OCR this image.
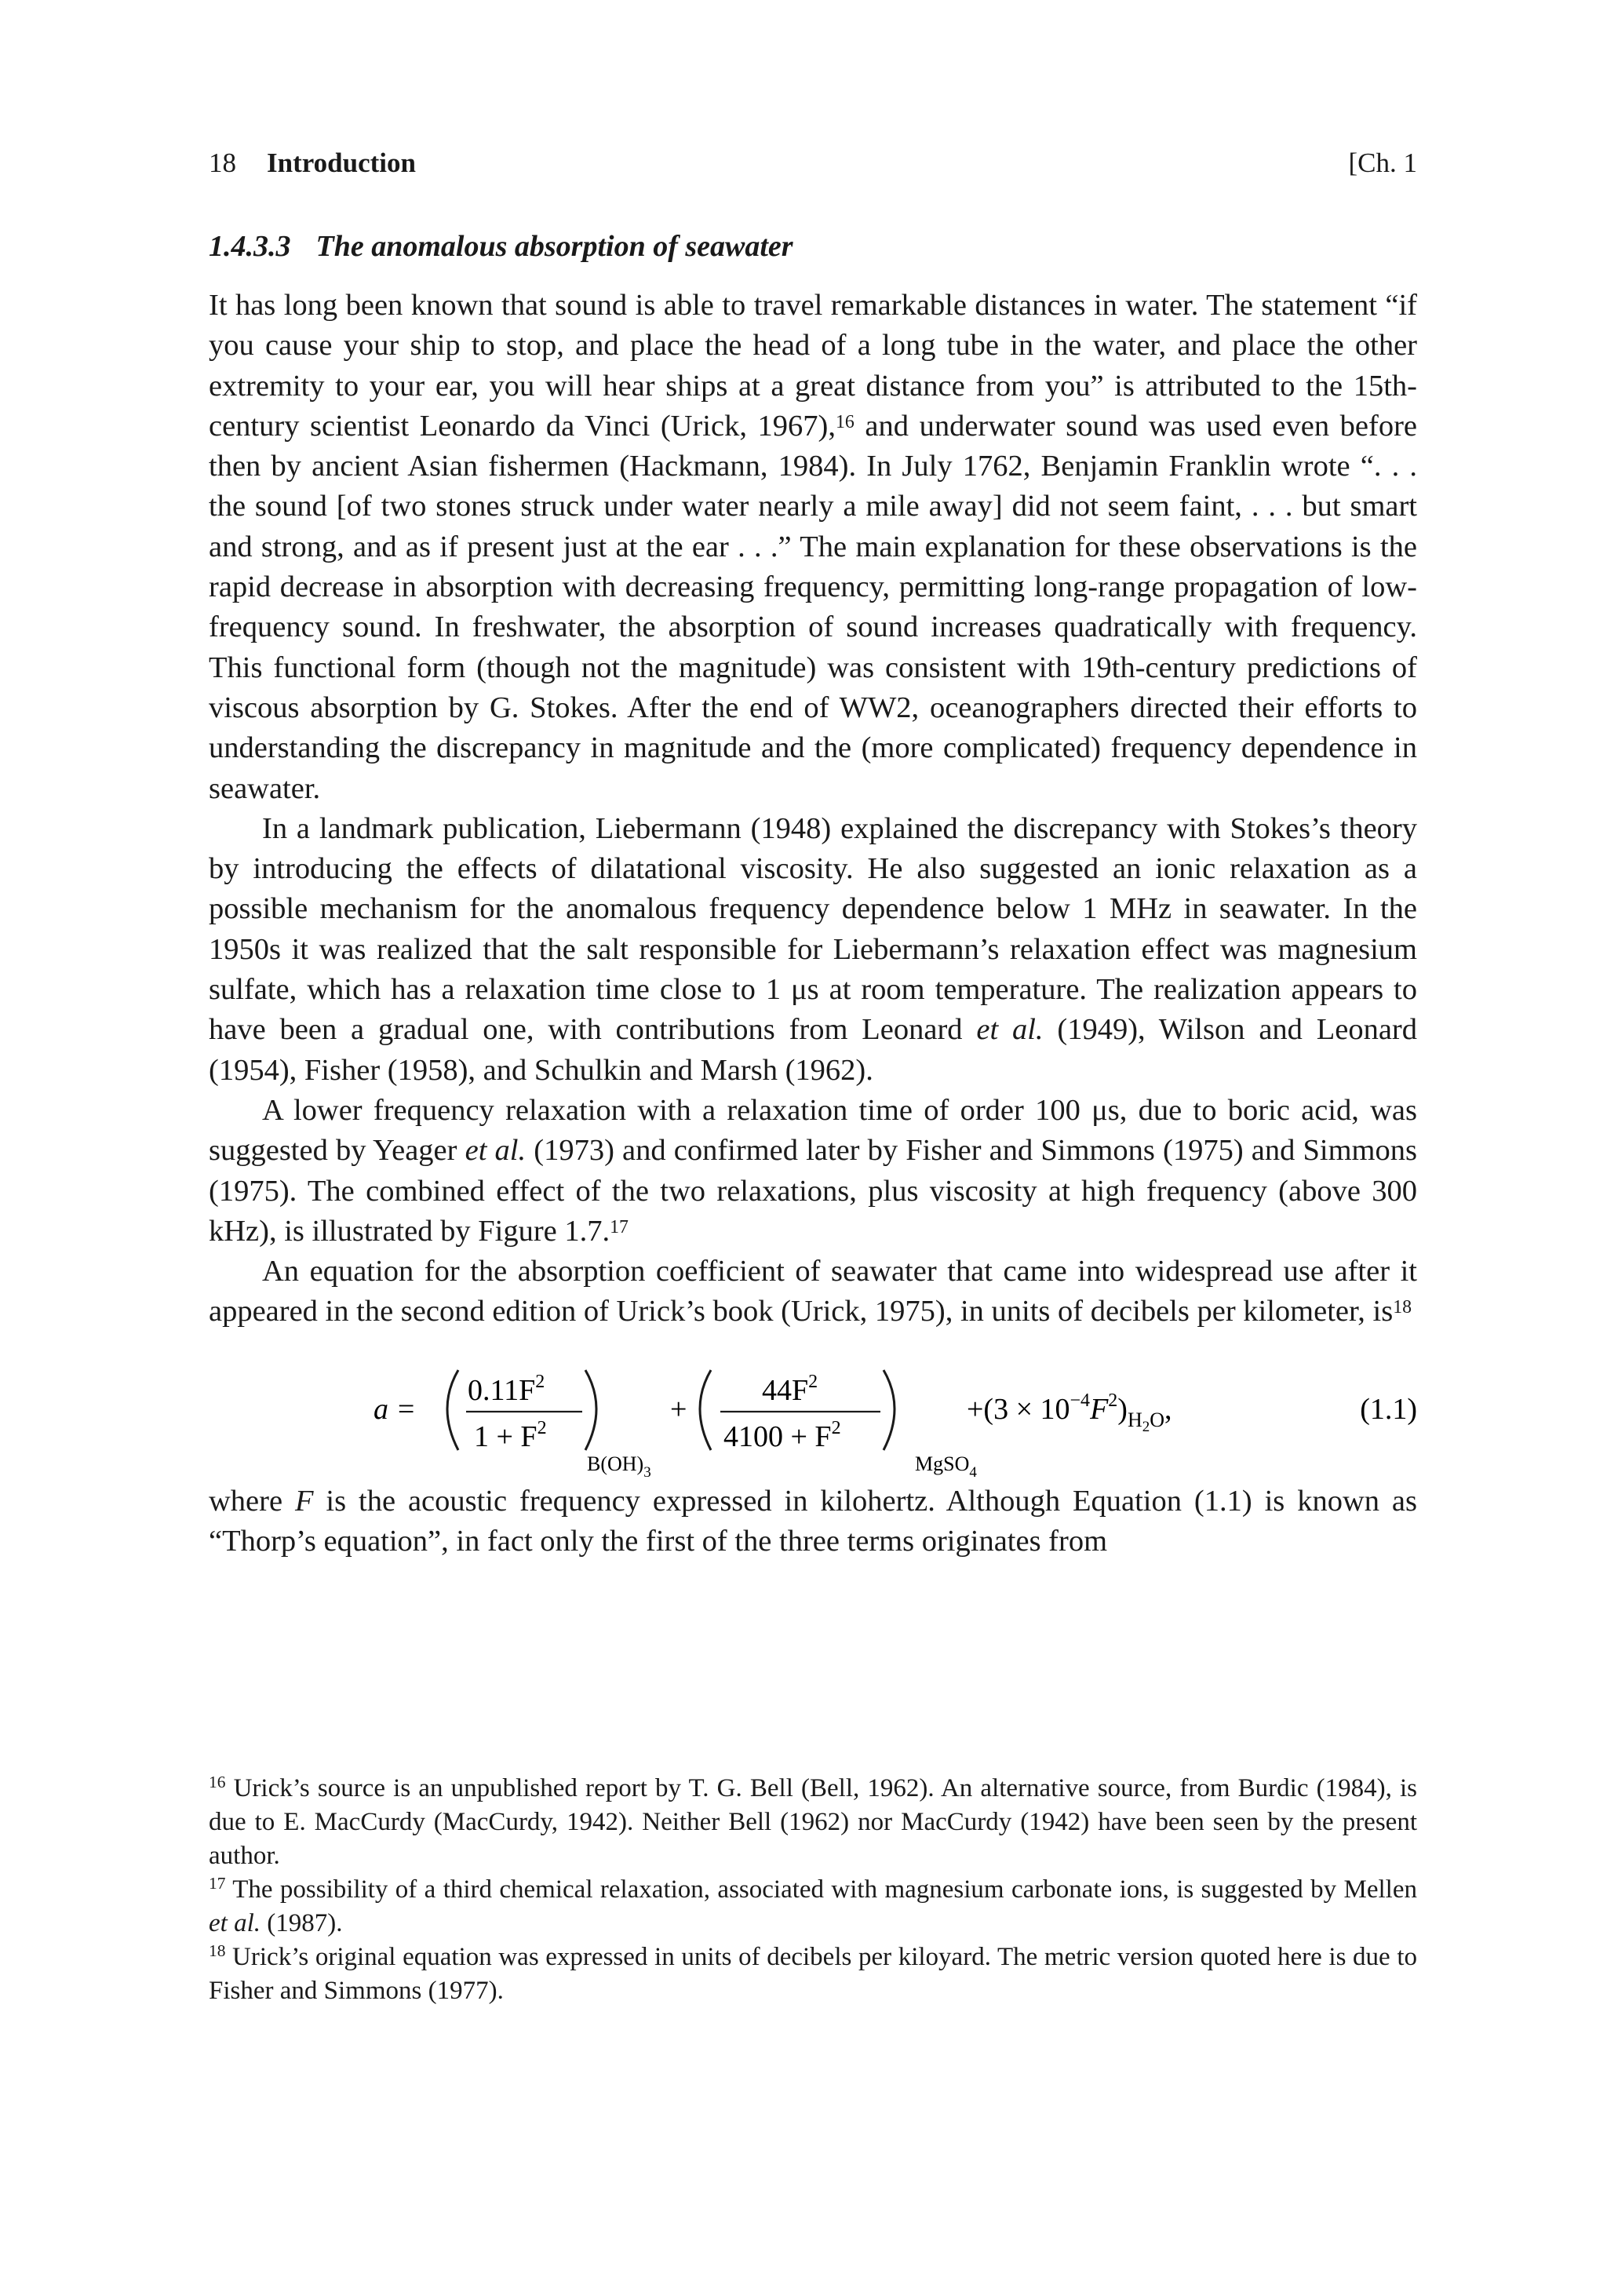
18 Introduction	[Ch. 1
1.4.3.3 The anomalous absorption of seawater

It has long been known that sound is able to travel remarkable distances in water. The statement “if you cause your ship to stop, and place the head of a long tube in the water, and place the other extremity to your ear, you will hear ships at a great distance from you” is attributed to the 15th-century scientist Leonardo da Vinci (Urick, 1967),$^{16}$ and underwater sound was used even before then by ancient Asian fishermen (Hackmann, 1984). In July 1762, Benjamin Franklin wrote “. . . the sound [of two stones struck under water nearly a mile away] did not seem faint, . . . but smart and strong, and as if present just at the ear . . .” The main explanation for these observations is the rapid decrease in absorption with decreasing frequency, permitting long-range propagation of low-frequency sound. In freshwater, the absorption of sound increases quadratically with frequency. This functional form (though not the magnitude) was consistent with 19th-century predictions of viscous absorption by G. Stokes. After the end of WW2, oceanographers directed their efforts to understanding the discrepancy in magnitude and the (more complicated) frequency dependence in seawater.

In a landmark publication, Liebermann (1948) explained the discrepancy with Stokes’s theory by introducing the effects of dilatational viscosity. He also suggested an ionic relaxation as a possible mechanism for the anomalous frequency dependence below 1 MHz in seawater. In the 1950s it was realized that the salt responsible for Liebermann’s relaxation effect was magnesium sulfate, which has a relaxation time close to 1 μs at room temperature. The realization appears to have been a gradual one, with contributions from Leonard et al. (1949), Wilson and Leonard (1954), Fisher (1958), and Schulkin and Marsh (1962).

A lower frequency relaxation with a relaxation time of order 100 μs, due to boric acid, was suggested by Yeager et al. (1973) and confirmed later by Fisher and Simmons (1975) and Simmons (1975). The combined effect of the two relaxations, plus viscosity at high frequency (above 300 kHz), is illustrated by Figure 1.7.17

An equation for the absorption coefficient of seawater that came into widespread use after it appeared in the second edition of Urick’s book (Urick, 1975), in units of decibels per kilometer, $is^{18}$

a =
$0.11F^2$
$1 + F^2$
$B(OH)_3$
+
$44F^2$
$4100 + F^2$
MgSO$_4$
$+(3 \times 10^{-4}F^2)_H2O$,	(1.1)

where F is the acoustic frequency expressed in kilohertz. Although Equation (1.1) is known as “Thorp’s equation”, in fact only the first of the three terms originates from

$^{16}$ Urick’s source is an unpublished report by T. G. Bell (Bell, 1962). An alternative source, from Burdic (1984), is due to E. MacCurdy (MacCurdy, 1942). Neither Bell (1962) nor MacCurdy (1942) have been seen by the present author.

$^{17}$ The possibility of a third chemical relaxation, associated with magnesium carbonate ions, is suggested by Mellen et al. (1987).

$^{18}$ Urick’s original equation was expressed in units of decibels per kiloyard. The metric version quoted here is due to Fisher and Simmons (1977).
